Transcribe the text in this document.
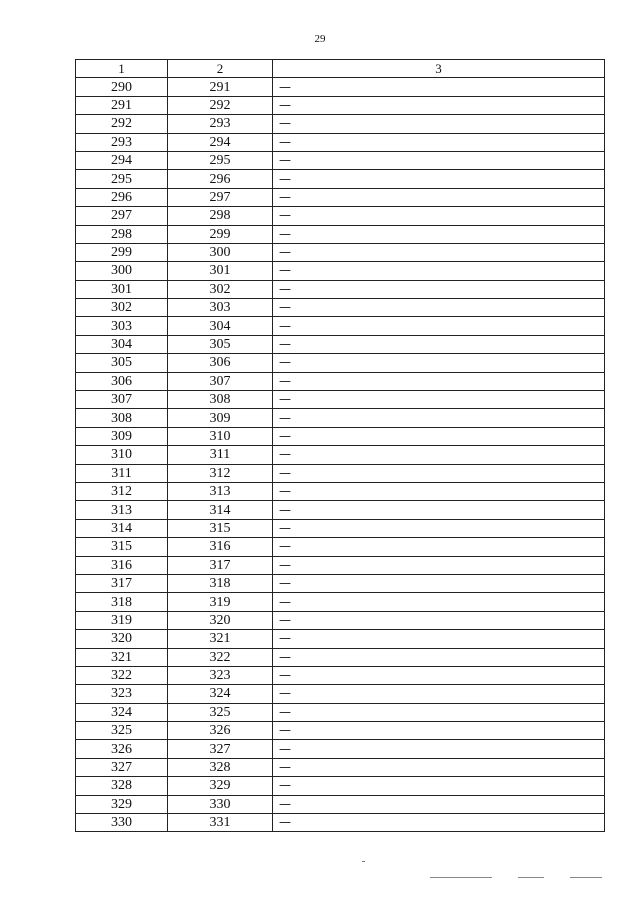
29
1	2	3
290	291	—
291	292	—
292	293	—
293	294	—
294	295	—
295	296	—
296	297	—
297	298	—
298	299	—
299	300	—
300	301	—
301	302	—
302	303	—
303	304	—
304	305	—
305	306	—
306	307	—
307	308	—
308	309	—
309	310	—
310	311	—
311	312	—
312	313	—
313	314	—
314	315	—
315	316	—
316	317	—
317	318	—
318	319	—
319	320	—
320	321	—
321	322	—
322	323	—
323	324	—
324	325	—
325	326	—
326	327	—
327	328	—
328	329	—
329	330	—
330	331	—
